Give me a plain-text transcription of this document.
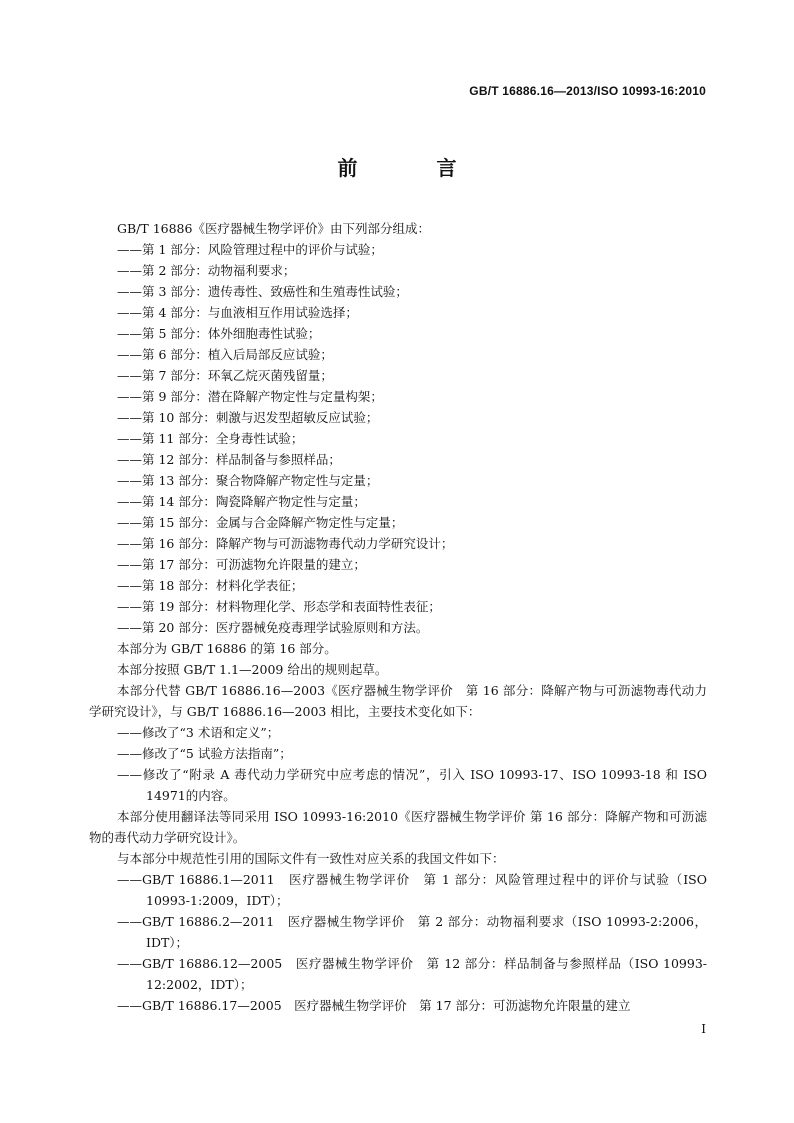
GB/T 16886.16—2013/ISO 10993-16:2010
前 言
GB/T 16886《医疗器械生物学评价》由下列部分组成：
——第 1 部分：风险管理过程中的评价与试验；
——第 2 部分：动物福利要求；
——第 3 部分：遗传毒性、致癌性和生殖毒性试验；
——第 4 部分：与血液相互作用试验选择；
——第 5 部分：体外细胞毒性试验；
——第 6 部分：植入后局部反应试验；
——第 7 部分：环氧乙烷灭菌残留量；
——第 9 部分：潜在降解产物定性与定量构架；
——第 10 部分：刺激与迟发型超敏反应试验；
——第 11 部分：全身毒性试验；
——第 12 部分：样品制备与参照样品；
——第 13 部分：聚合物降解产物定性与定量；
——第 14 部分：陶瓷降解产物定性与定量；
——第 15 部分：金属与合金降解产物定性与定量；
——第 16 部分：降解产物与可沥滤物毒代动力学研究设计；
——第 17 部分：可沥滤物允许限量的建立；
——第 18 部分：材料化学表征；
——第 19 部分：材料物理化学、形态学和表面特性表征；
——第 20 部分：医疗器械免疫毒理学试验原则和方法。
本部分为 GB/T 16886 的第 16 部分。
本部分按照 GB/T 1.1—2009 给出的规则起草。
本部分代替 GB/T 16886.16—2003《医疗器械生物学评价　第 16 部分：降解产物与可沥滤物毒代动力学研究设计》，与 GB/T 16886.16—2003 相比，主要技术变化如下：
——修改了“3 术语和定义”；
——修改了“5 试验方法指南”；
——修改了“附录 A 毒代动力学研究中应考虑的情况”，引入 ISO 10993-17、ISO 10993-18 和 ISO 14971的内容。
本部分使用翻译法等同采用 ISO 10993-16:2010《医疗器械生物学评价 第 16 部分：降解产物和可沥滤物的毒代动力学研究设计》。
与本部分中规范性引用的国际文件有一致性对应关系的我国文件如下：
——GB/T 16886.1—2011　医疗器械生物学评价　第 1 部分：风险管理过程中的评价与试验（ISO 10993-1:2009，IDT）；
——GB/T 16886.2—2011　医疗器械生物学评价　第 2 部分：动物福利要求（ISO 10993-2:2006，IDT）；
——GB/T 16886.12—2005　医疗器械生物学评价　第 12 部分：样品制备与参照样品（ISO 10993-12:2002，IDT）；
——GB/T 16886.17—2005　医疗器械生物学评价　第 17 部分：可沥滤物允许限量的建立
I
